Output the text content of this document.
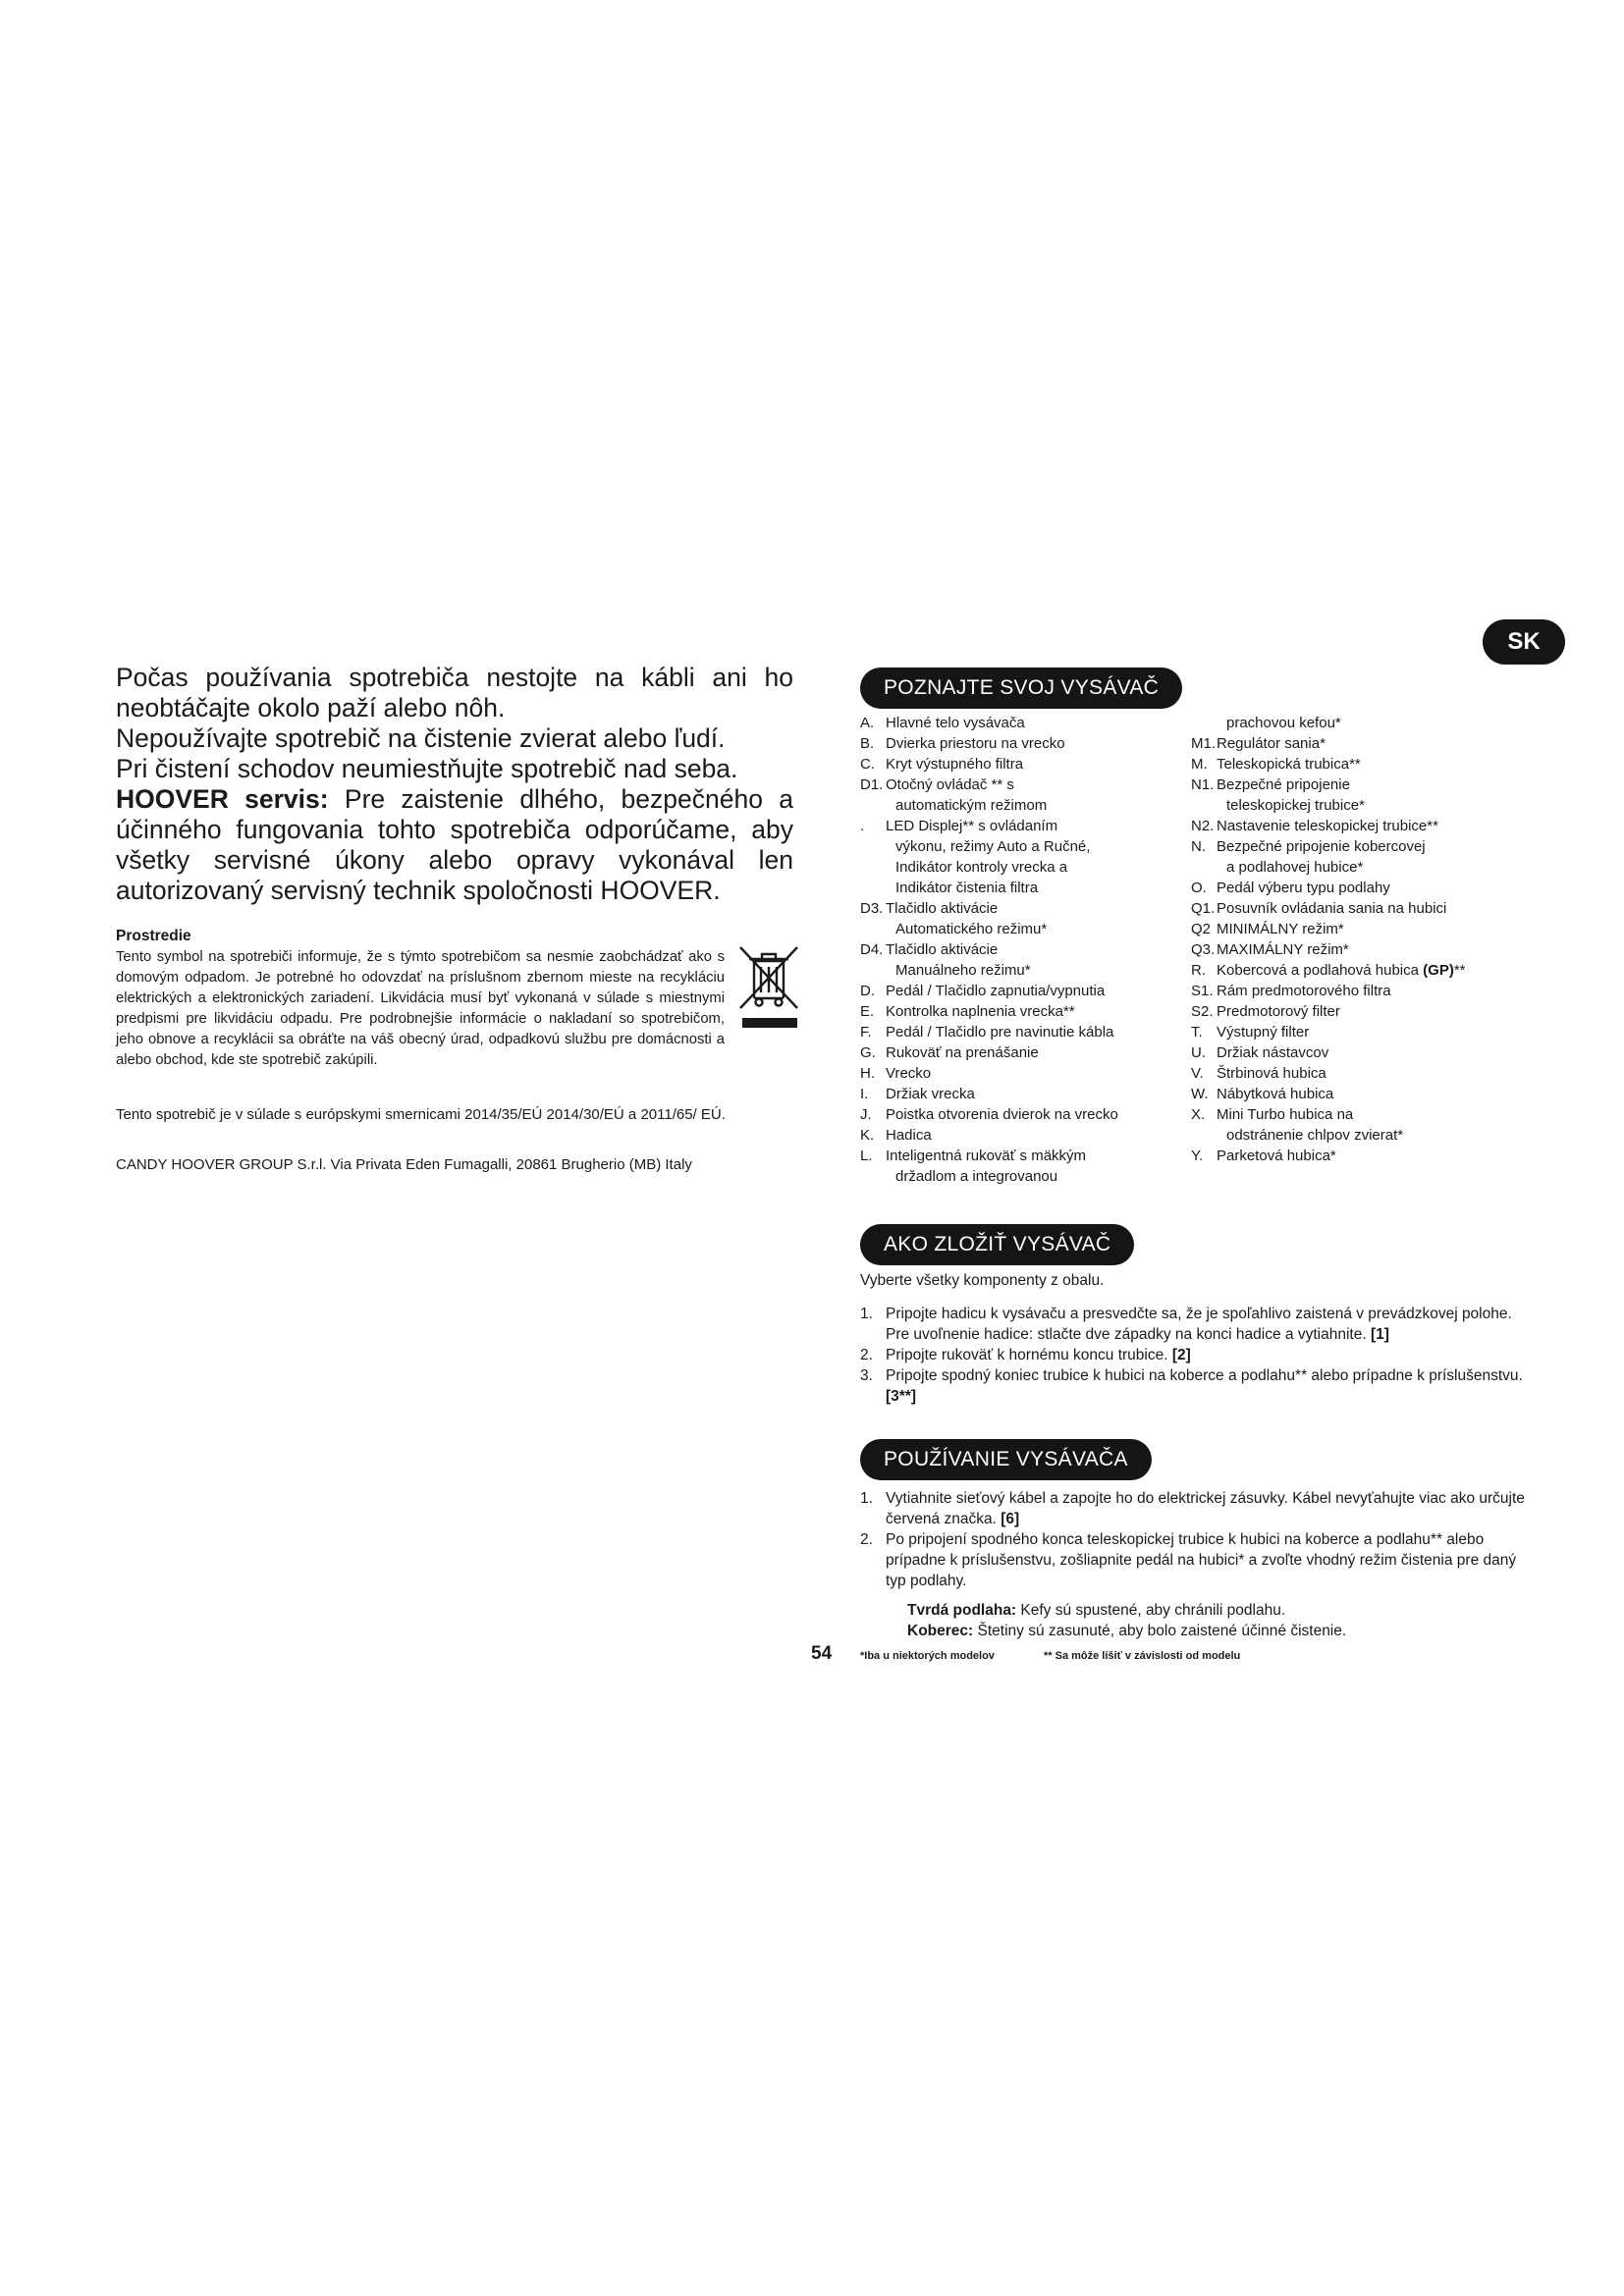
SK

Počas používania spotrebiča nestojte na kábli ani ho neobtáčajte okolo paží alebo nôh.
Nepoužívajte spotrebič na čistenie zvierat alebo ľudí.
Pri čistení schodov neumiestňujte spotrebič nad seba.
HOOVER servis: Pre zaistenie dlhého, bezpečného a účinného fungovania tohto spotrebiča odporúčame, aby všetky servisné úkony alebo opravy vykonával len autorizovaný servisný technik spoločnosti HOOVER.

Prostredie
Tento symbol na spotrebiči informuje, že s týmto spotrebičom sa nesmie zaobchádzať ako s domovým odpadom. Je potrebné ho odovzdať na príslušnom zbernom mieste na recykláciu elektrických a elektronických zariadení. Likvidácia musí byť vykonaná v súlade s miestnymi predpismi pre likvidáciu odpadu. Pre podrobnejšie informácie o nakladaní so spotrebičom, jeho obnove a recyklácii sa obráťte na váš obecný úrad, odpadkovú službu pre domácnosti a alebo obchod, kde ste spotrebič zakúpili.

Tento spotrebič je v súlade s európskymi smernicami 2014/35/EÚ 2014/30/EÚ a 2011/65/ EÚ.

CANDY HOOVER GROUP S.r.l. Via Privata Eden Fumagalli, 20861 Brugherio (MB) Italy

POZNAJTE SVOJ VYSÁVAČ
A. Hlavné telo vysávača
B. Dvierka priestoru na vrecko
C. Kryt výstupného filtra
D1. Otočný ovládač ** s
automatickým režimom
.	LED Displej** s ovládaním
výkonu, režimy Auto a Ručné,
Indikátor kontroly vrecka a
Indikátor čistenia filtra
D3. Tlačidlo aktivácie
Automatického režimu*
D4. Tlačidlo aktivácie
Manuálneho režimu*
D. Pedál / Tlačidlo zapnutia/vypnutia
E. Kontrolka naplnenia vrecka**
F. Pedál / Tlačidlo pre navinutie kábla
G. Rukoväť na prenášanie
H. Vrecko
I.	Držiak vrecka
J. Poistka otvorenia dvierok na vrecko
K. Hadica
L. Inteligentná rukoväť s mäkkým
držadlom a integrovanou
prachovou kefou*
M1. Regulátor sania*
M. Teleskopická trubica**
N1. Bezpečné pripojenie
teleskopickej trubice*
N2. Nastavenie teleskopickej trubice**
N. Bezpečné pripojenie kobercovej
a podlahovej hubice*
O. Pedál výberu typu podlahy
Q1. Posuvník ovládania sania na hubici
Q2 MINIMÁLNY režim*
Q3. MAXIMÁLNY režim*
R. Kobercová a podlahová hubica (GP)**
S1. Rám predmotorového filtra
S2. Predmotorový filter
T. Výstupný filter
U. Držiak nástavcov
V. Štrbinová hubica
W. Nábytková hubica
X. Mini Turbo hubica na
odstránenie chlpov zvierat*
Y. Parketová hubica*
AKO ZLOŽIŤ VYSÁVAČ
Vyberte všetky komponenty z obalu.
1. Pripojte hadicu k vysávaču a presvedčte sa, že je spoľahlivo zaistená v prevádzkovej polohe. Pre uvoľnenie hadice: stlačte dve západky na konci hadice a vytiahnite. [1]
2. Pripojte rukoväť k hornému koncu trubice. [2]
3. Pripojte spodný koniec trubice k hubici na koberce a podlahu** alebo prípadne k príslušenstvu. [3**]
POUŽÍVANIE VYSÁVAČA
1. Vytiahnite sieťový kábel a zapojte ho do elektrickej zásuvky. Kábel nevyťahujte viac ako určujte červená značka. [6]
2. Po pripojení spodného konca teleskopickej trubice k hubici na koberce a podlahu** alebo prípadne k príslušenstvu, zošliapnite pedál na hubici* a zvoľte vhodný režim čistenia pre daný typ podlahy.
Tvrdá podlaha: Kefy sú spustené, aby chránili podlahu.
Koberec: Štetiny sú zasunuté, aby bolo zaistené účinné čistenie.
54	*Iba u niektorých modelov	** Sa môže líšiť v závislosti od modelu
